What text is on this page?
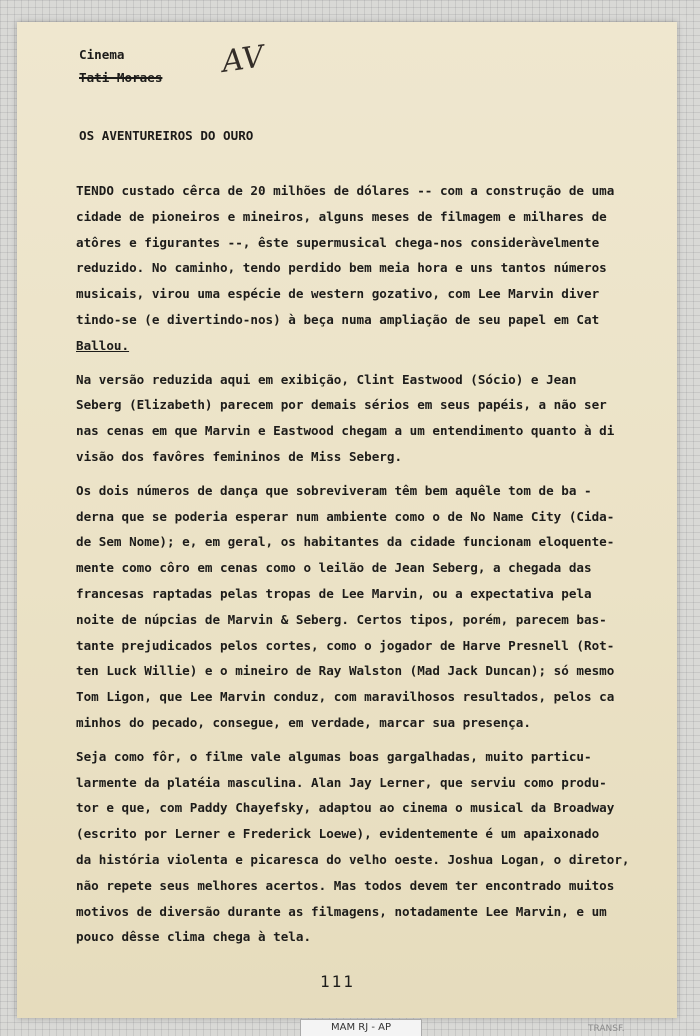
Cinema
Tati Moraes AV
OS AVENTUREIROS DO OURO
TENDO custado cêrca de 20 milhões de dólares -- com a construção de uma
cidade de pioneiros e mineiros, alguns meses de filmagem e milhares de
atôres e figurantes --, êste supermusical chega-nos consideràvelmente
reduzido. No caminho, tendo perdido bem meia hora e uns tantos números
musicais, virou uma espécie de western gozativo, com Lee Marvin diver
tindo-se (e divertindo-nos) à beça numa ampliação de seu papel em Cat
Ballou.
Na versão reduzida aqui em exibição, Clint Eastwood (Sócio) e Jean
Seberg (Elizabeth) parecem por demais sérios em seus papéis, a não ser
nas cenas em que Marvin e Eastwood chegam a um entendimento quanto à di
visão dos favôres femininos de Miss Seberg.
Os dois números de dança que sobreviveram têm bem aquêle tom de ba -
derna que se poderia esperar num ambiente como o de No Name City (Cida-
de Sem Nome); e, em geral, os habitantes da cidade funcionam eloquente-
mente como côro em cenas como o leilão de Jean Seberg, a chegada das
francesas raptadas pelas tropas de Lee Marvin, ou a expectativa pela
noite de núpcias de Marvin & Seberg. Certos tipos, porém, parecem bas-
tante prejudicados pelos cortes, como o jogador de Harve Presnell (Rot-
ten Luck Willie) e o mineiro de Ray Walston (Mad Jack Duncan); só mesmo
Tom Ligon, que Lee Marvin conduz, com maravilhosos resultados, pelos ca
minhos do pecado, consegue, em verdade, marcar sua presença.
Seja como fôr, o filme vale algumas boas gargalhadas, muito particu-
larmente da platéia masculina. Alan Jay Lerner, que serviu como produ-
tor e que, com Paddy Chayefsky, adaptou ao cinema o musical da Broadway
(escrito por Lerner e Frederick Loewe), evidentemente é um apaixonado
da história violenta e picaresca do velho oeste. Joshua Logan, o diretor,
não repete seus melhores acertos. Mas todos devem ter encontrado muitos
motivos de diversão durante as filmagens, notadamente Lee Marvin, e um
pouco dêsse clima chega à tela.
111
MAM RJ - AP	TRANSF.
